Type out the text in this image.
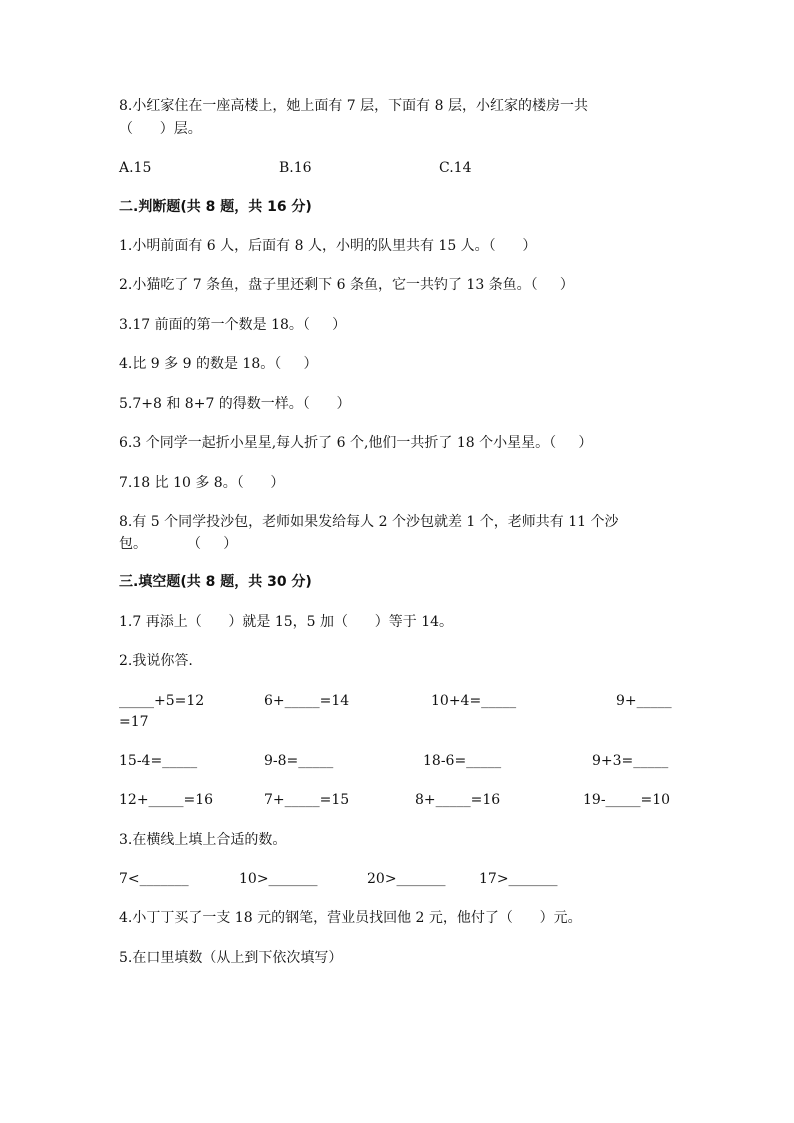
8.小红家住在一座高楼上，她上面有 7 层，下面有 8 层，小红家的楼房一共
（      ）层。
A.15	B.16	C.14
二.判断题(共 8 题，共 16 分)
1.小明前面有 6 人，后面有 8 人，小明的队里共有 15 人。（      ）
2.小猫吃了 7 条鱼，盘子里还剩下 6 条鱼，它一共钓了 13 条鱼。（     ）
3.17 前面的第一个数是 18。（     ）
4.比 9 多 9 的数是 18。（     ）
5.7+8 和 8+7 的得数一样。（      ）
6.3 个同学一起折小星星,每人折了 6 个,他们一共折了 18 个小星星。（     ）
7.18 比 10 多 8。（      ）
8.有 5 个同学投沙包，老师如果发给每人 2 个沙包就差 1 个，老师共有 11 个沙
包。         （     ）
三.填空题(共 8 题，共 30 分)
1.7 再添上（      ）就是 15，5 加（      ）等于 14。
2.我说你答.
_____+5=12	6+_____=14	10+4=_____	9+_____
=17
15-4=_____	9-8=_____	18-6=_____	9+3=_____
12+_____=16	7+_____=15	8+_____=16	19-_____=10
3.在横线上填上合适的数。
7<_______	10>_______	20>_______ 17>_______
4.小丁丁买了一支 18 元的钢笔，营业员找回他 2 元，他付了（      ）元。
5.在口里填数（从上到下依次填写）
